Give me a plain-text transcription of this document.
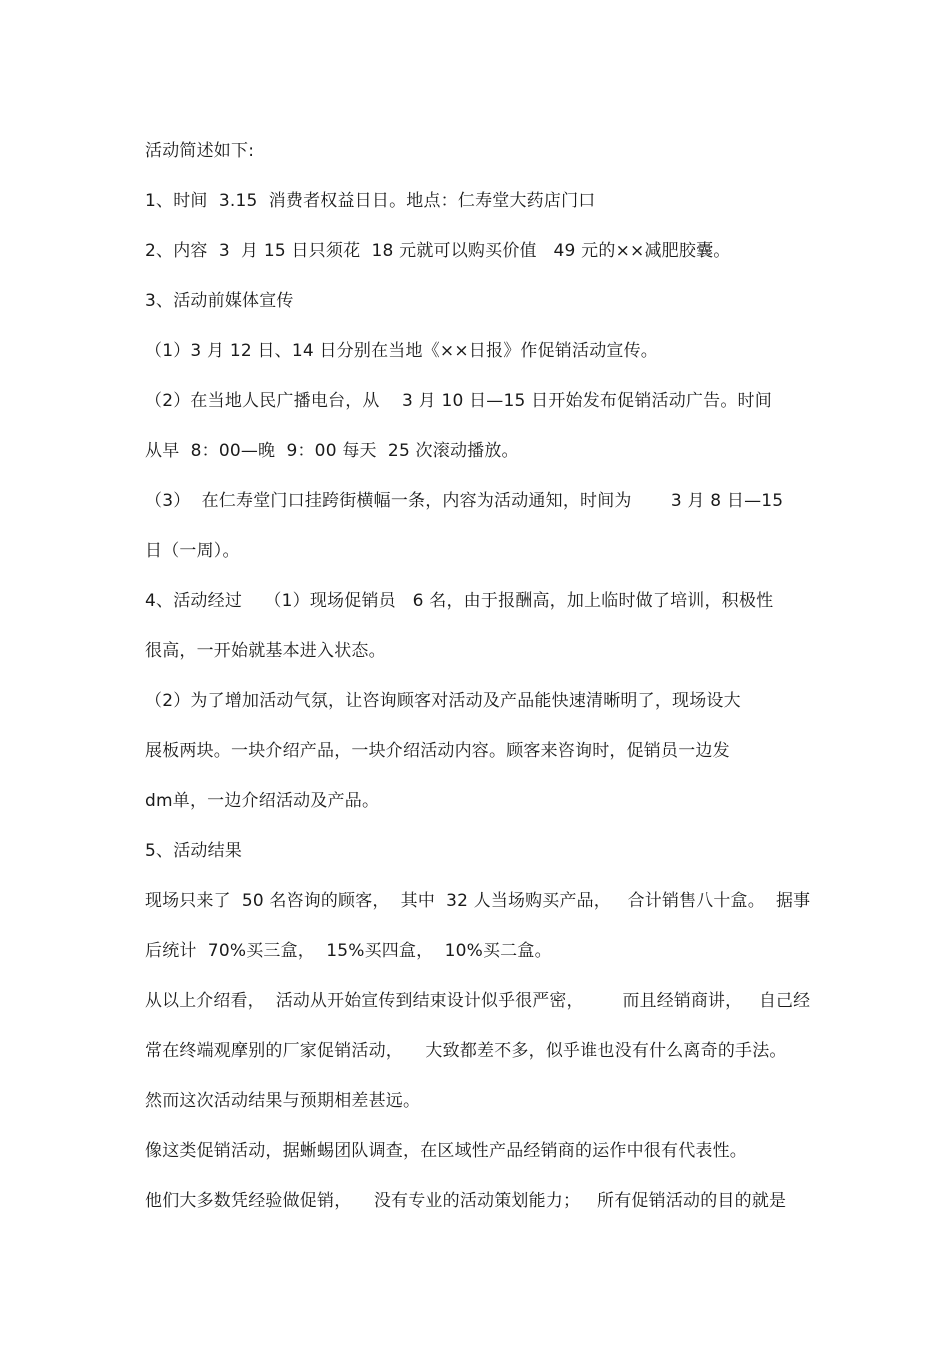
活动简述如下:
1、时间  3.15  消费者权益日日。地点：仁寿堂大药店门口
2、内容  3  月 15 日只须花  18 元就可以购买价值   49 元的××减肥胶囊。
3、活动前媒体宣传
（1）3 月 12 日、14 日分别在当地《××日报》作促销活动宣传。
（2）在当地人民广播电台，从    3 月 10 日—15 日开始发布促销活动广告。时间
从早  8：00—晚  9：00 每天  25 次滚动播放。
（3）  在仁寿堂门口挂跨街横幅一条，内容为活动通知，时间为       3 月 8 日—15
日（一周）。
4、活动经过    （1）现场促销员   6 名，由于报酬高，加上临时做了培训，积极性
很高，一开始就基本进入状态。
（2）为了增加活动气氛，让咨询顾客对活动及产品能快速清晰明了，现场设大
展板两块。一块介绍产品，一块介绍活动内容。顾客来咨询时，促销员一边发
dm单，一边介绍活动及产品。
5、活动结果
现场只来了  50 名咨询的顾客，  其中  32 人当场购买产品，   合计销售八十盒。  据事
后统计  70%买三盒，  15%买四盒，  10%买二盒。
从以上介绍看，  活动从开始宣传到结束设计似乎很严密，       而且经销商讲，   自己经
常在终端观摩别的厂家促销活动，    大致都差不多，似乎谁也没有什么离奇的手法。
然而这次活动结果与预期相差甚远。
像这类促销活动，据蜥蜴团队调查，在区域性产品经销商的运作中很有代表性。
他们大多数凭经验做促销，    没有专业的活动策划能力；   所有促销活动的目的就是
